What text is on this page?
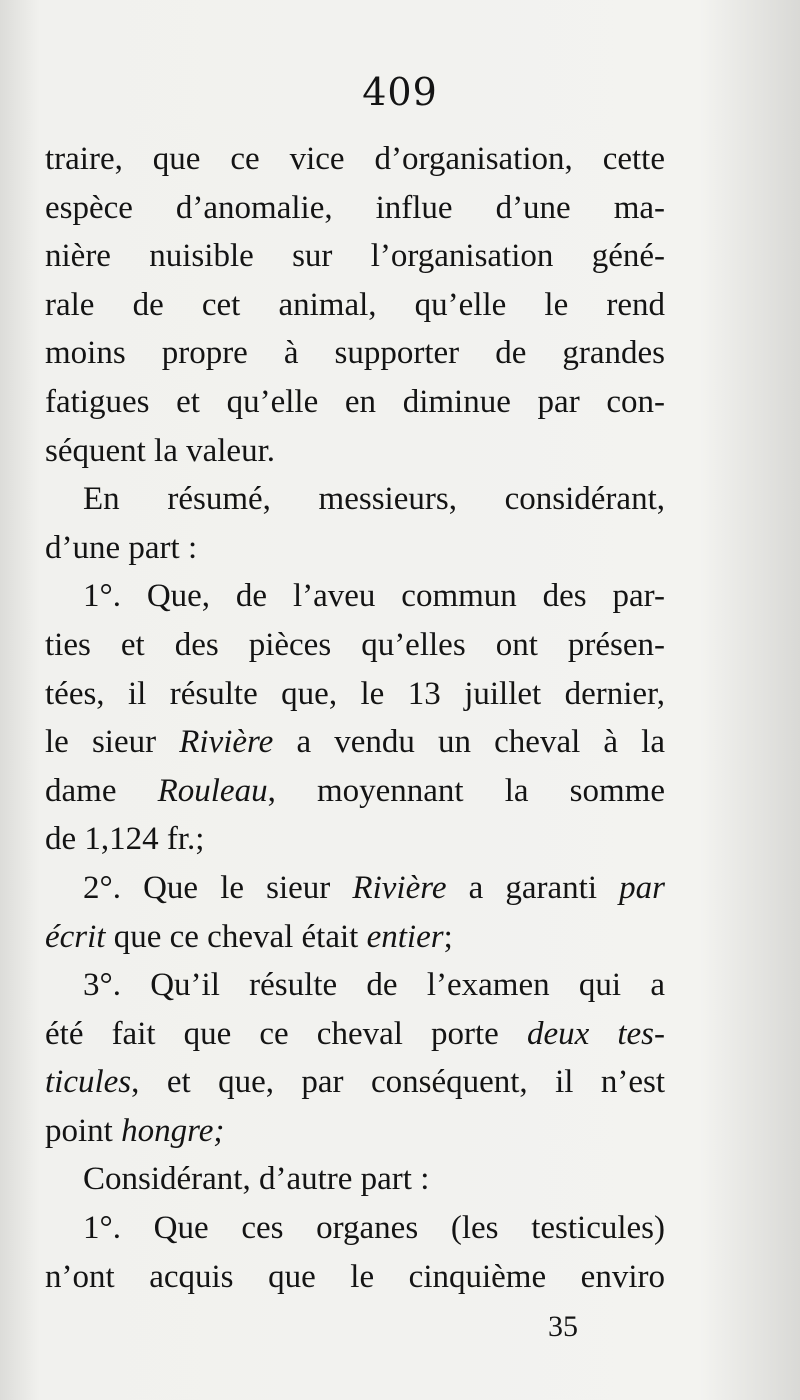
409
traire, que ce vice d’organisation, cette
espèce d’anomalie, influe d’une ma-
nière nuisible sur l’organisation géné-
rale de cet animal, qu’elle le rend
moins propre à supporter de grandes
fatigues et qu’elle en diminue par con-
séquent la valeur.
En résumé, messieurs, considérant,
d’une part :
1°. Que, de l’aveu commun des par-
ties et des pièces qu’elles ont présen-
tées, il résulte que, le 13 juillet dernier,
le sieur Rivière a vendu un cheval à la
dame Rouleau, moyennant la somme
de 1,124 fr.;
2°. Que le sieur Rivière a garanti par
écrit que ce cheval était entier;
3°. Qu’il résulte de l’examen qui a
été fait que ce cheval porte deux tes-
ticules, et que, par conséquent, il n’est
point hongre;
Considérant, d’autre part :
1°. Que ces organes (les testicules)
n’ont acquis que le cinquième enviro
35
